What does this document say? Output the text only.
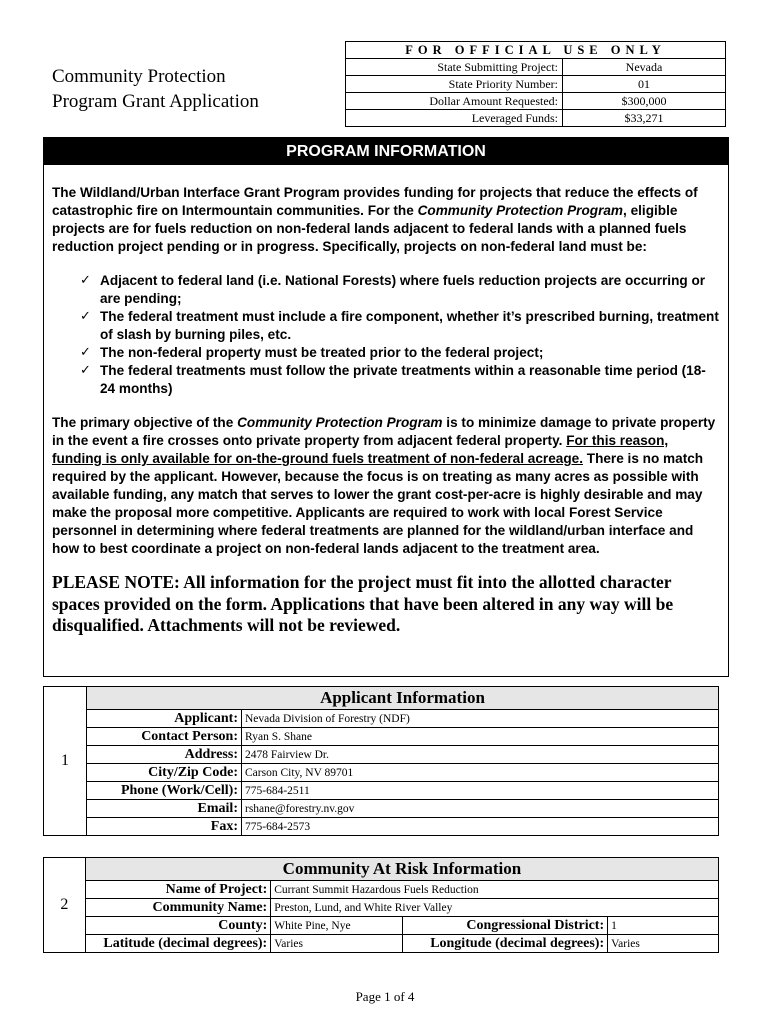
Community Protection
Program Grant Application
FOR OFFICIAL USE ONLY	
State Submitting Project:	Nevada
State Priority Number:	01
Dollar Amount Requested:	$300,000
Leveraged Funds:	$33,271
PROGRAM INFORMATION

The Wildland/Urban Interface Grant Program provides funding for projects that reduce the effects of catastrophic fire on Intermountain communities. For the Community Protection Program, eligible projects are for fuels reduction on non-federal lands adjacent to federal lands with a planned fuels reduction project pending or in progress. Specifically, projects on non-federal land must be:

✓ Adjacent to federal land (i.e. National Forests) where fuels reduction projects are occurring or are pending;
✓ The federal treatment must include a fire component, whether it’s prescribed burning, treatment of slash by burning piles, etc.
✓ The non-federal property must be treated prior to the federal project;
✓ The federal treatments must follow the private treatments within a reasonable time period (18-24 months)

The primary objective of the Community Protection Program is to minimize damage to private property in the event a fire crosses onto private property from adjacent federal property. For this reason, funding is only available for on-the-ground fuels treatment of non-federal acreage. There is no match required by the applicant. However, because the focus is on treating as many acres as possible with available funding, any match that serves to lower the grant cost-per-acre is highly desirable and may make the proposal more competitive. Applicants are required to work with local Forest Service personnel in determining where federal treatments are planned for the wildland/urban interface and how to best coordinate a project on non-federal lands adjacent to the treatment area.

PLEASE NOTE: All information for the project must fit into the allotted character spaces provided on the form. Applications that have been altered in any way will be disqualified. Attachments will not be reviewed.

1	Applicant Information	
	Applicant:	Nevada Division of Forestry (NDF)
	Contact Person:	Ryan S. Shane
	Address:	2478 Fairview Dr.
	City/Zip Code:	Carson City, NV 89701
	Phone (Work/Cell):	775-684-2511
	Email:	rshane@forestry.nv.gov
	Fax:	775-684-2573
2	Community At Risk Information			
	Name of Project:	Currant Summit Hazardous Fuels Reduction		
	Community Name:	Preston, Lund, and White River Valley		
	County:	White Pine, Nye	Congressional District:	1
	Latitude (decimal degrees):	Varies	Longitude (decimal degrees):	Varies
Page 1 of 4
